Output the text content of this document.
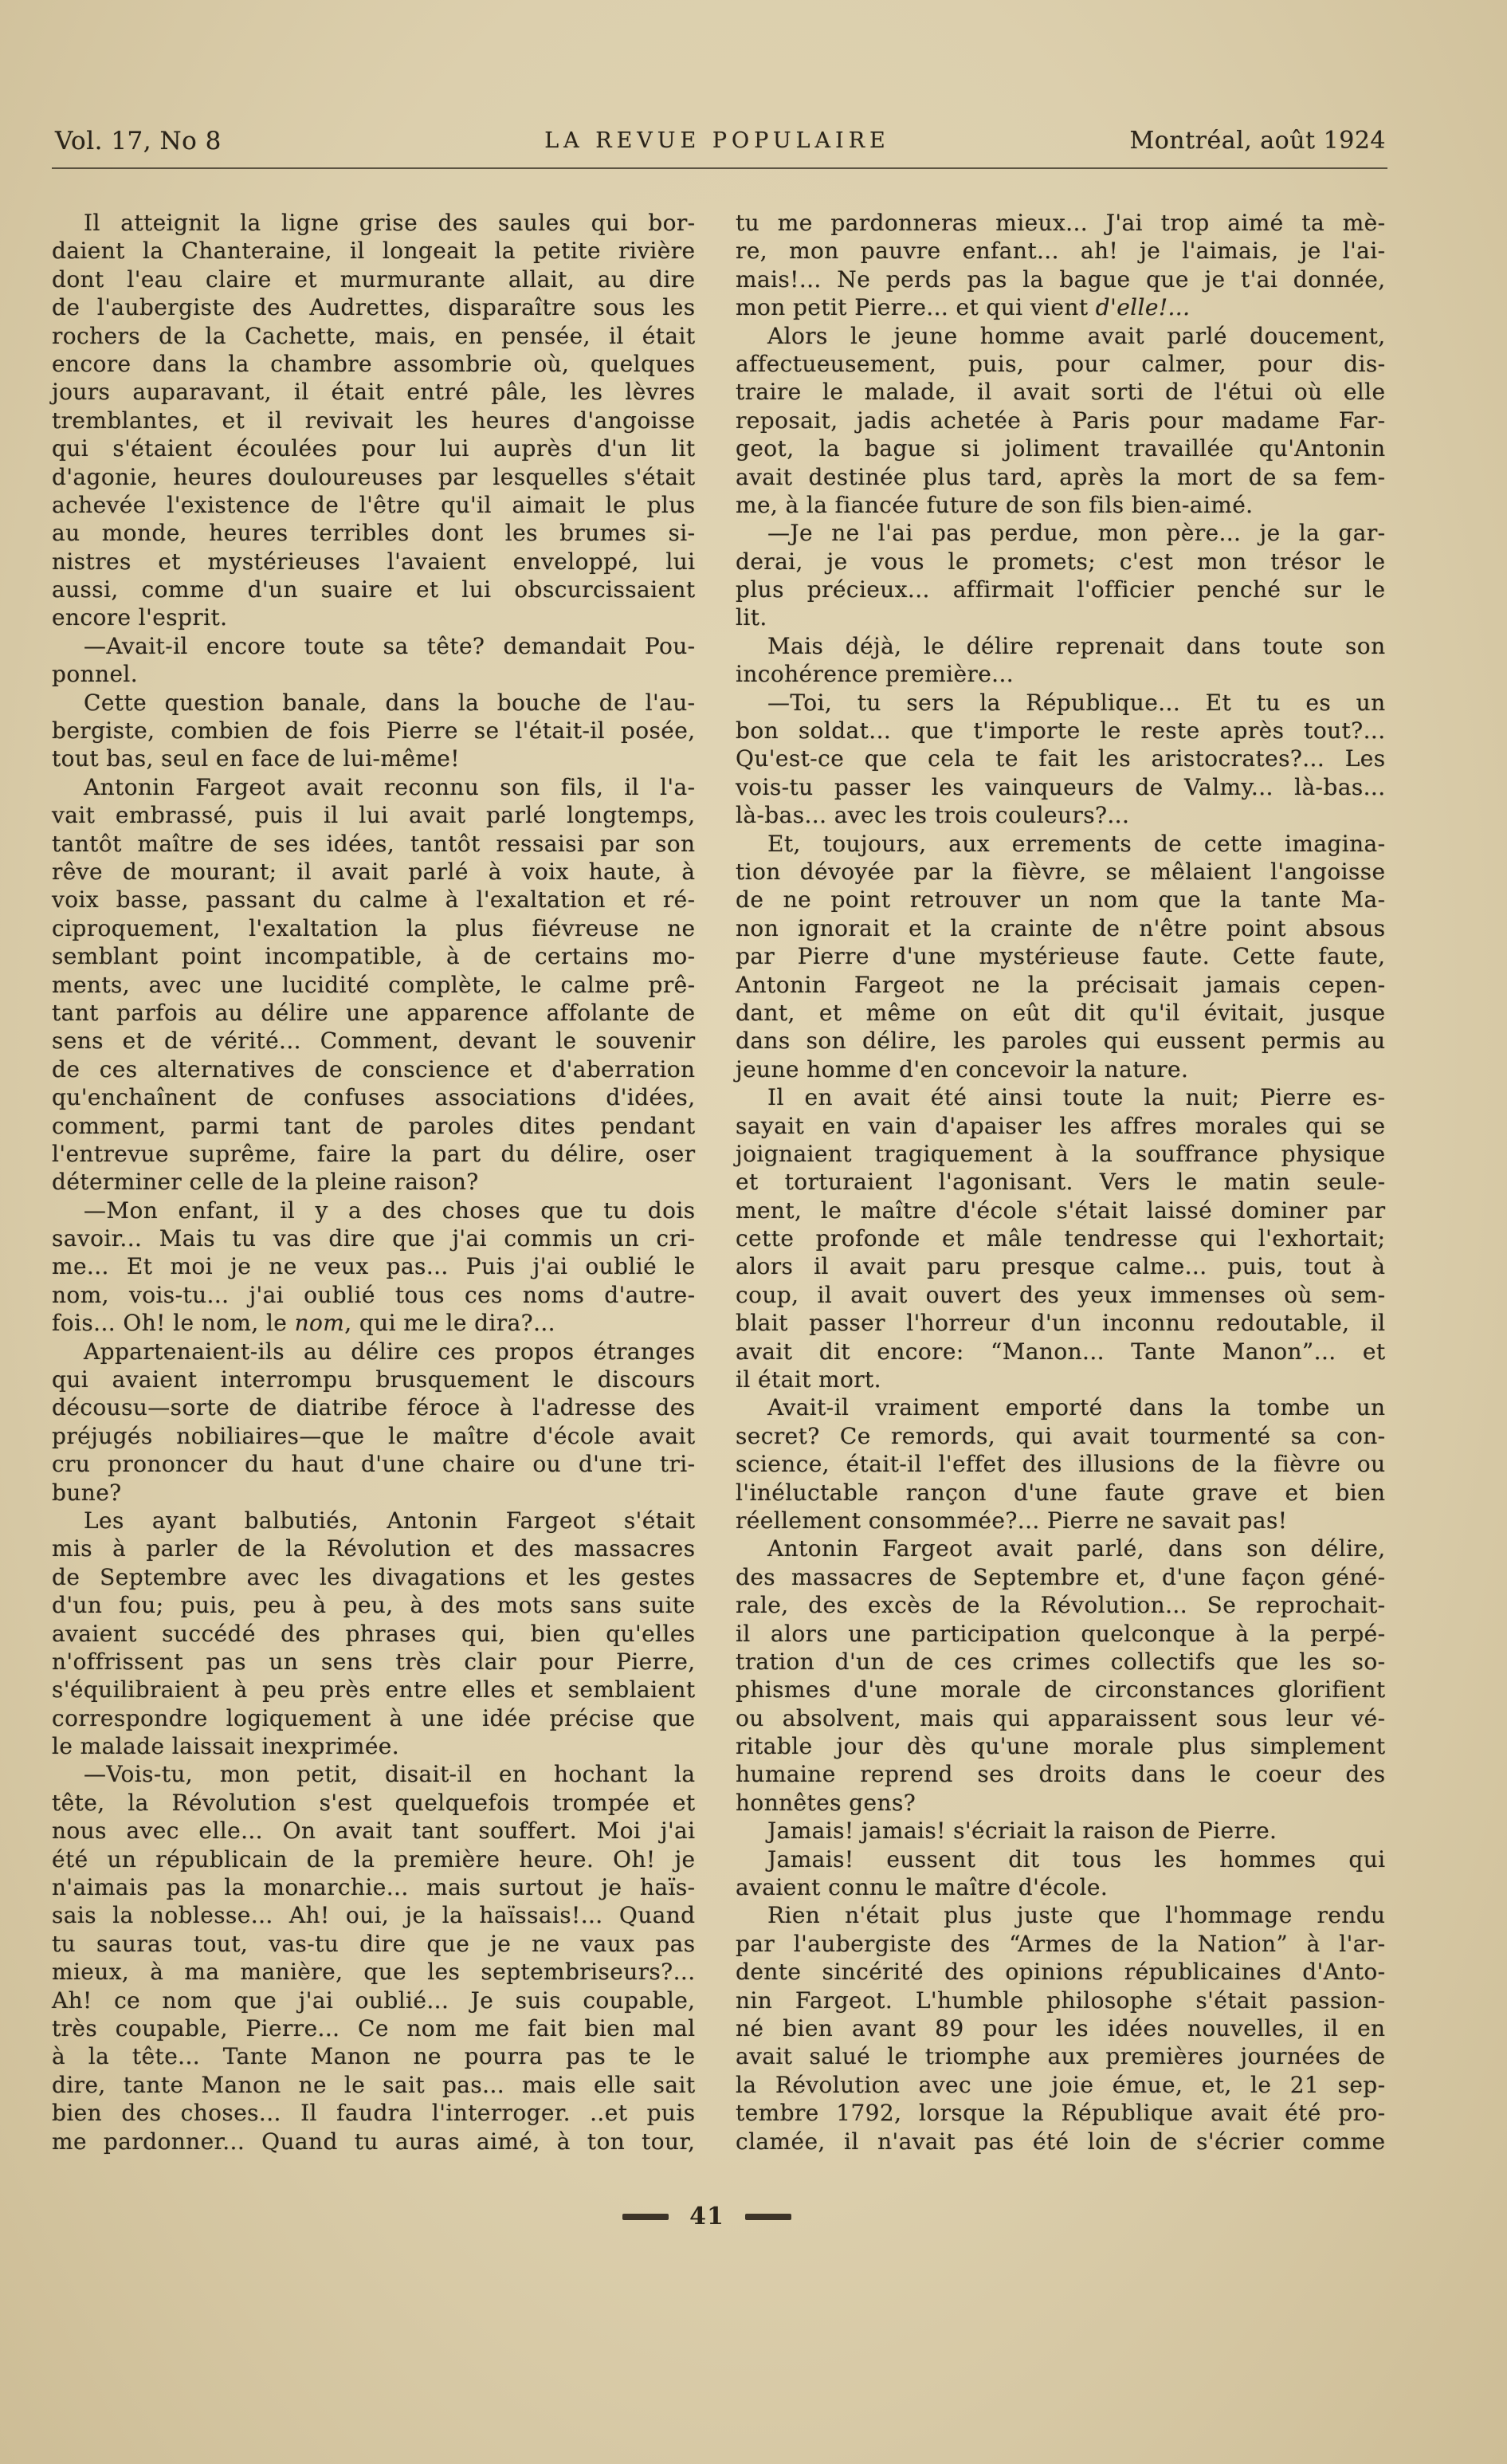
Vol. 17, No 8	LA REVUE POPULAIRE	Montréal, août 1924
Il atteignit la ligne grise des saules qui bor-
daient la Chanteraine, il longeait la petite rivière
dont l'eau claire et murmurante allait, au dire
de l'aubergiste des Audrettes, disparaître sous les
rochers de la Cachette, mais, en pensée, il était
encore dans la chambre assombrie où, quelques
jours auparavant, il était entré pâle, les lèvres
tremblantes, et il revivait les heures d'angoisse
qui s'étaient écoulées pour lui auprès d'un lit
d'agonie, heures douloureuses par lesquelles s'était
achevée l'existence de l'être qu'il aimait le plus
au monde, heures terribles dont les brumes si-
nistres et mystérieuses l'avaient enveloppé, lui
aussi, comme d'un suaire et lui obscurcissaient
encore l'esprit.
—Avait-il encore toute sa tête? demandait Pou-
ponnel.
Cette question banale, dans la bouche de l'au-
bergiste, combien de fois Pierre se l'était-il posée,
tout bas, seul en face de lui-même!
Antonin Fargeot avait reconnu son fils, il l'a-
vait embrassé, puis il lui avait parlé longtemps,
tantôt maître de ses idées, tantôt ressaisi par son
rêve de mourant; il avait parlé à voix haute, à
voix basse, passant du calme à l'exaltation et ré-
ciproquement, l'exaltation la plus fiévreuse ne
semblant point incompatible, à de certains mo-
ments, avec une lucidité complète, le calme prê-
tant parfois au délire une apparence affolante de
sens et de vérité... Comment, devant le souvenir
de ces alternatives de conscience et d'aberration
qu'enchaînent de confuses associations d'idées,
comment, parmi tant de paroles dites pendant
l'entrevue suprême, faire la part du délire, oser
déterminer celle de la pleine raison?
—Mon enfant, il y a des choses que tu dois
savoir... Mais tu vas dire que j'ai commis un cri-
me... Et moi je ne veux pas... Puis j'ai oublié le
nom, vois-tu... j'ai oublié tous ces noms d'autre-
fois... Oh! le nom, le nom, qui me le dira?...
Appartenaient-ils au délire ces propos étranges
qui avaient interrompu brusquement le discours
décousu—sorte de diatribe féroce à l'adresse des
préjugés nobiliaires—que le maître d'école avait
cru prononcer du haut d'une chaire ou d'une tri-
bune?
Les ayant balbutiés, Antonin Fargeot s'était
mis à parler de la Révolution et des massacres
de Septembre avec les divagations et les gestes
d'un fou; puis, peu à peu, à des mots sans suite
avaient succédé des phrases qui, bien qu'elles
n'offrissent pas un sens très clair pour Pierre,
s'équilibraient à peu près entre elles et semblaient
correspondre logiquement à une idée précise que
le malade laissait inexprimée.
—Vois-tu, mon petit, disait-il en hochant la
tête, la Révolution s'est quelquefois trompée et
nous avec elle... On avait tant souffert. Moi j'ai
été un républicain de la première heure. Oh! je
n'aimais pas la monarchie... mais surtout je haïs-
sais la noblesse... Ah! oui, je la haïssais!... Quand
tu sauras tout, vas-tu dire que je ne vaux pas
mieux, à ma manière, que les septembriseurs?...
Ah! ce nom que j'ai oublié... Je suis coupable,
très coupable, Pierre... Ce nom me fait bien mal
à la tête... Tante Manon ne pourra pas te le
dire, tante Manon ne le sait pas... mais elle sait
bien des choses... Il faudra l'interroger. ..et puis
me pardonner... Quand tu auras aimé, à ton tour,
tu me pardonneras mieux... J'ai trop aimé ta mè-
re, mon pauvre enfant... ah! je l'aimais, je l'ai-
mais!... Ne perds pas la bague que je t'ai donnée,
mon petit Pierre... et qui vient d'elle!...
Alors le jeune homme avait parlé doucement,
affectueusement, puis, pour calmer, pour dis-
traire le malade, il avait sorti de l'étui où elle
reposait, jadis achetée à Paris pour madame Far-
geot, la bague si joliment travaillée qu'Antonin
avait destinée plus tard, après la mort de sa fem-
me, à la fiancée future de son fils bien-aimé.
—Je ne l'ai pas perdue, mon père... je la gar-
derai, je vous le promets; c'est mon trésor le
plus précieux... affirmait l'officier penché sur le
lit.
Mais déjà, le délire reprenait dans toute son
incohérence première...
—Toi, tu sers la République... Et tu es un
bon soldat... que t'importe le reste après tout?...
Qu'est-ce que cela te fait les aristocrates?... Les
vois-tu passer les vainqueurs de Valmy... là-bas...
là-bas... avec les trois couleurs?...
Et, toujours, aux errements de cette imagina-
tion dévoyée par la fièvre, se mêlaient l'angoisse
de ne point retrouver un nom que la tante Ma-
non ignorait et la crainte de n'être point absous
par Pierre d'une mystérieuse faute. Cette faute,
Antonin Fargeot ne la précisait jamais cepen-
dant, et même on eût dit qu'il évitait, jusque
dans son délire, les paroles qui eussent permis au
jeune homme d'en concevoir la nature.
Il en avait été ainsi toute la nuit; Pierre es-
sayait en vain d'apaiser les affres morales qui se
joignaient tragiquement à la souffrance physique
et torturaient l'agonisant. Vers le matin seule-
ment, le maître d'école s'était laissé dominer par
cette profonde et mâle tendresse qui l'exhortait;
alors il avait paru presque calme... puis, tout à
coup, il avait ouvert des yeux immenses où sem-
blait passer l'horreur d'un inconnu redoutable, il
avait dit encore: “Manon... Tante Manon”... et
il était mort.
Avait-il vraiment emporté dans la tombe un
secret? Ce remords, qui avait tourmenté sa con-
science, était-il l'effet des illusions de la fièvre ou
l'inéluctable rançon d'une faute grave et bien
réellement consommée?... Pierre ne savait pas!
Antonin Fargeot avait parlé, dans son délire,
des massacres de Septembre et, d'une façon géné-
rale, des excès de la Révolution... Se reprochait-
il alors une participation quelconque à la perpé-
tration d'un de ces crimes collectifs que les so-
phismes d'une morale de circonstances glorifient
ou absolvent, mais qui apparaissent sous leur vé-
ritable jour dès qu'une morale plus simplement
humaine reprend ses droits dans le coeur des
honnêtes gens?
Jamais! jamais! s'écriait la raison de Pierre.
Jamais! eussent dit tous les hommes qui
avaient connu le maître d'école.
Rien n'était plus juste que l'hommage rendu
par l'aubergiste des “Armes de la Nation” à l'ar-
dente sincérité des opinions républicaines d'Anto-
nin Fargeot. L'humble philosophe s'était passion-
né bien avant 89 pour les idées nouvelles, il en
avait salué le triomphe aux premières journées de
la Révolution avec une joie émue, et, le 21 sep-
tembre 1792, lorsque la République avait été pro-
clamée, il n'avait pas été loin de s'écrier comme
41
